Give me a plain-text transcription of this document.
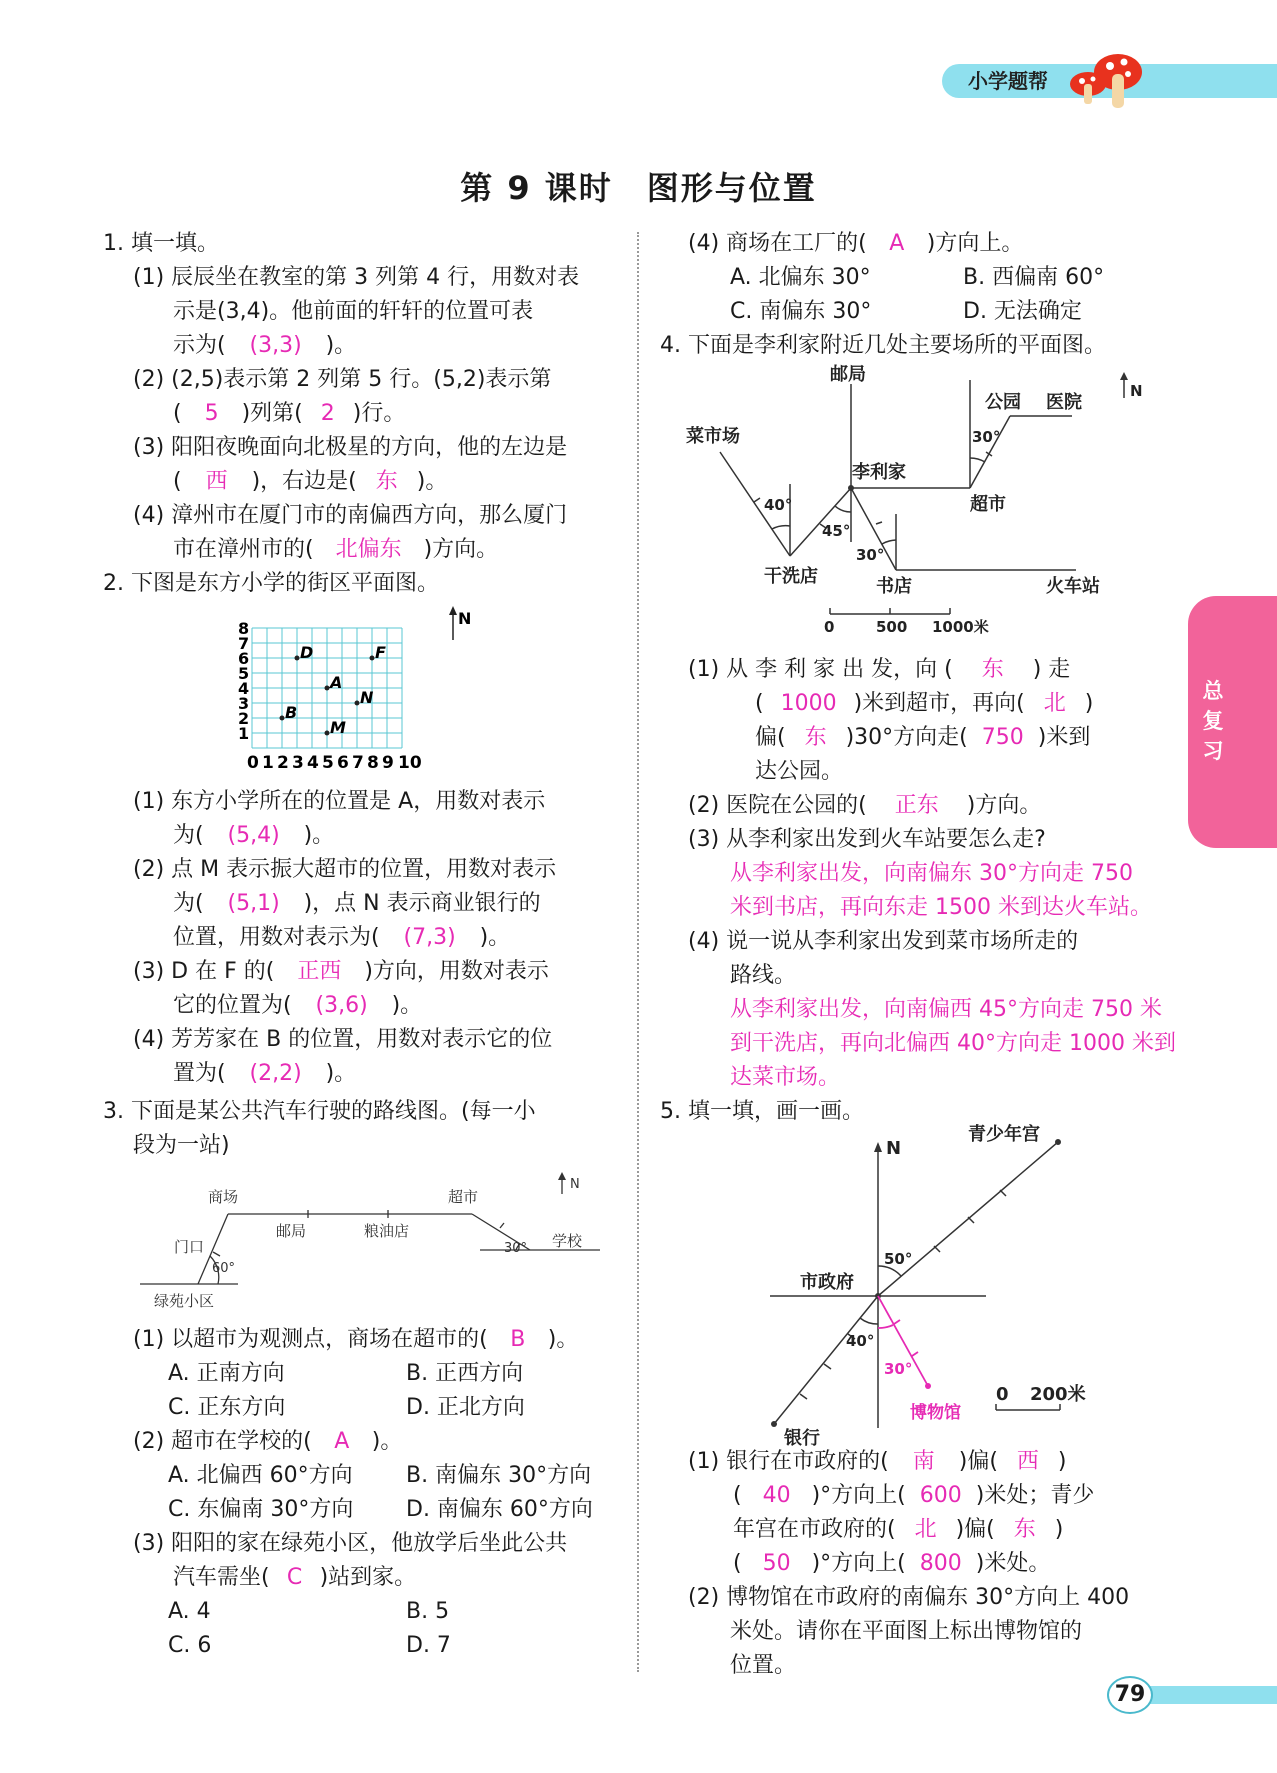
小学题帮
总复习
第 9 课时　图形与位置
1. 填一填。
(1) 辰辰坐在教室的第 3 列第 4 行，用数对表
示是(3,4)。他前面的轩轩的位置可表
示为( (3,3) )。
(2) (2,5)表示第 2 列第 5 行。(5,2)表示第
( 5 )列第( 2 )行。
(3) 阳阳夜晚面向北极星的方向，他的左边是
( 西 )，右边是( 东 )。
(4) 漳州市在厦门市的南偏西方向，那么厦门
市在漳州市的( 北偏东 )方向。
2. 下图是东方小学的街区平面图。
D	F
A
B
N
M
0 1 2 3 4 5 6 7 8 9 10
1
2
3
4
5
6
7
8
N
(1) 东方小学所在的位置是 A，用数对表示
为( (5,4) )。
(2) 点 M 表示振大超市的位置，用数对表示
为( (5,1) )，点 N 表示商业银行的
位置，用数对表示为( (7,3) )。
(3) D 在 F 的( 正西 )方向，用数对表示
它的位置为( (3,6) )。
(4) 芳芳家在 B 的位置，用数对表示它的位
置为( (2,2) )。
3. 下面是某公共汽车行驶的路线图。(每一小
段为一站)
商场	超市
邮局	粮油店
学校
门口
绿苑小区
60°
30°
N
(1) 以超市为观测点，商场在超市的( B )。
A. 正南方向	B. 正西方向
C. 正东方向	D. 正北方向
(2) 超市在学校的( A )。
A. 北偏西 60°方向 B. 南偏东 30°方向
C. 东偏南 30°方向 D. 南偏东 60°方向
(3) 阳阳的家在绿苑小区，他放学后坐此公共
汽车需坐( C )站到家。
A. 4	B. 5
C. 6	D. 7
(4) 商场在工厂的( A )方向上。
A. 北偏东 30°	B. 西偏南 60°
C. 南偏东 30°	D. 无法确定
4. 下面是李利家附近几处主要场所的平面图。
邮局
公园 医院
菜市场
李利家
超市
干洗店	书店	火车站
30°
40°
45°
30°
N
0	500 1000米
(1) 从 李 利 家 出 发，向 ( 东 ) 走
( 1000 )米到超市，再向( 北 )
偏( 东 )30°方向走( 750 )米到
达公园。
(2) 医院在公园的( 正东 )方向。
(3) 从李利家出发到火车站要怎么走?
从李利家出发，向南偏东 30°方向走 750
米到书店，再向东走 1500 米到达火车站。
(4) 说一说从李利家出发到菜市场所走的
路线。
从李利家出发，向南偏西 45°方向走 750 米
到干洗店，再向北偏西 40°方向走 1000 米到
达菜市场。
5. 填一填，画一画。
青少年宫
N
市政府
银行
0 200米
50°
40°
30°
博物馆
(1) 银行在市政府的( 南 )偏( 西 )
( 40 )°方向上( 600 )米处；青少
年宫在市政府的( 北 )偏( 东 )
( 50 )°方向上( 800 )米处。
(2) 博物馆在市政府的南偏东 30°方向上 400
米处。请你在平面图上标出博物馆的
位置。
79
